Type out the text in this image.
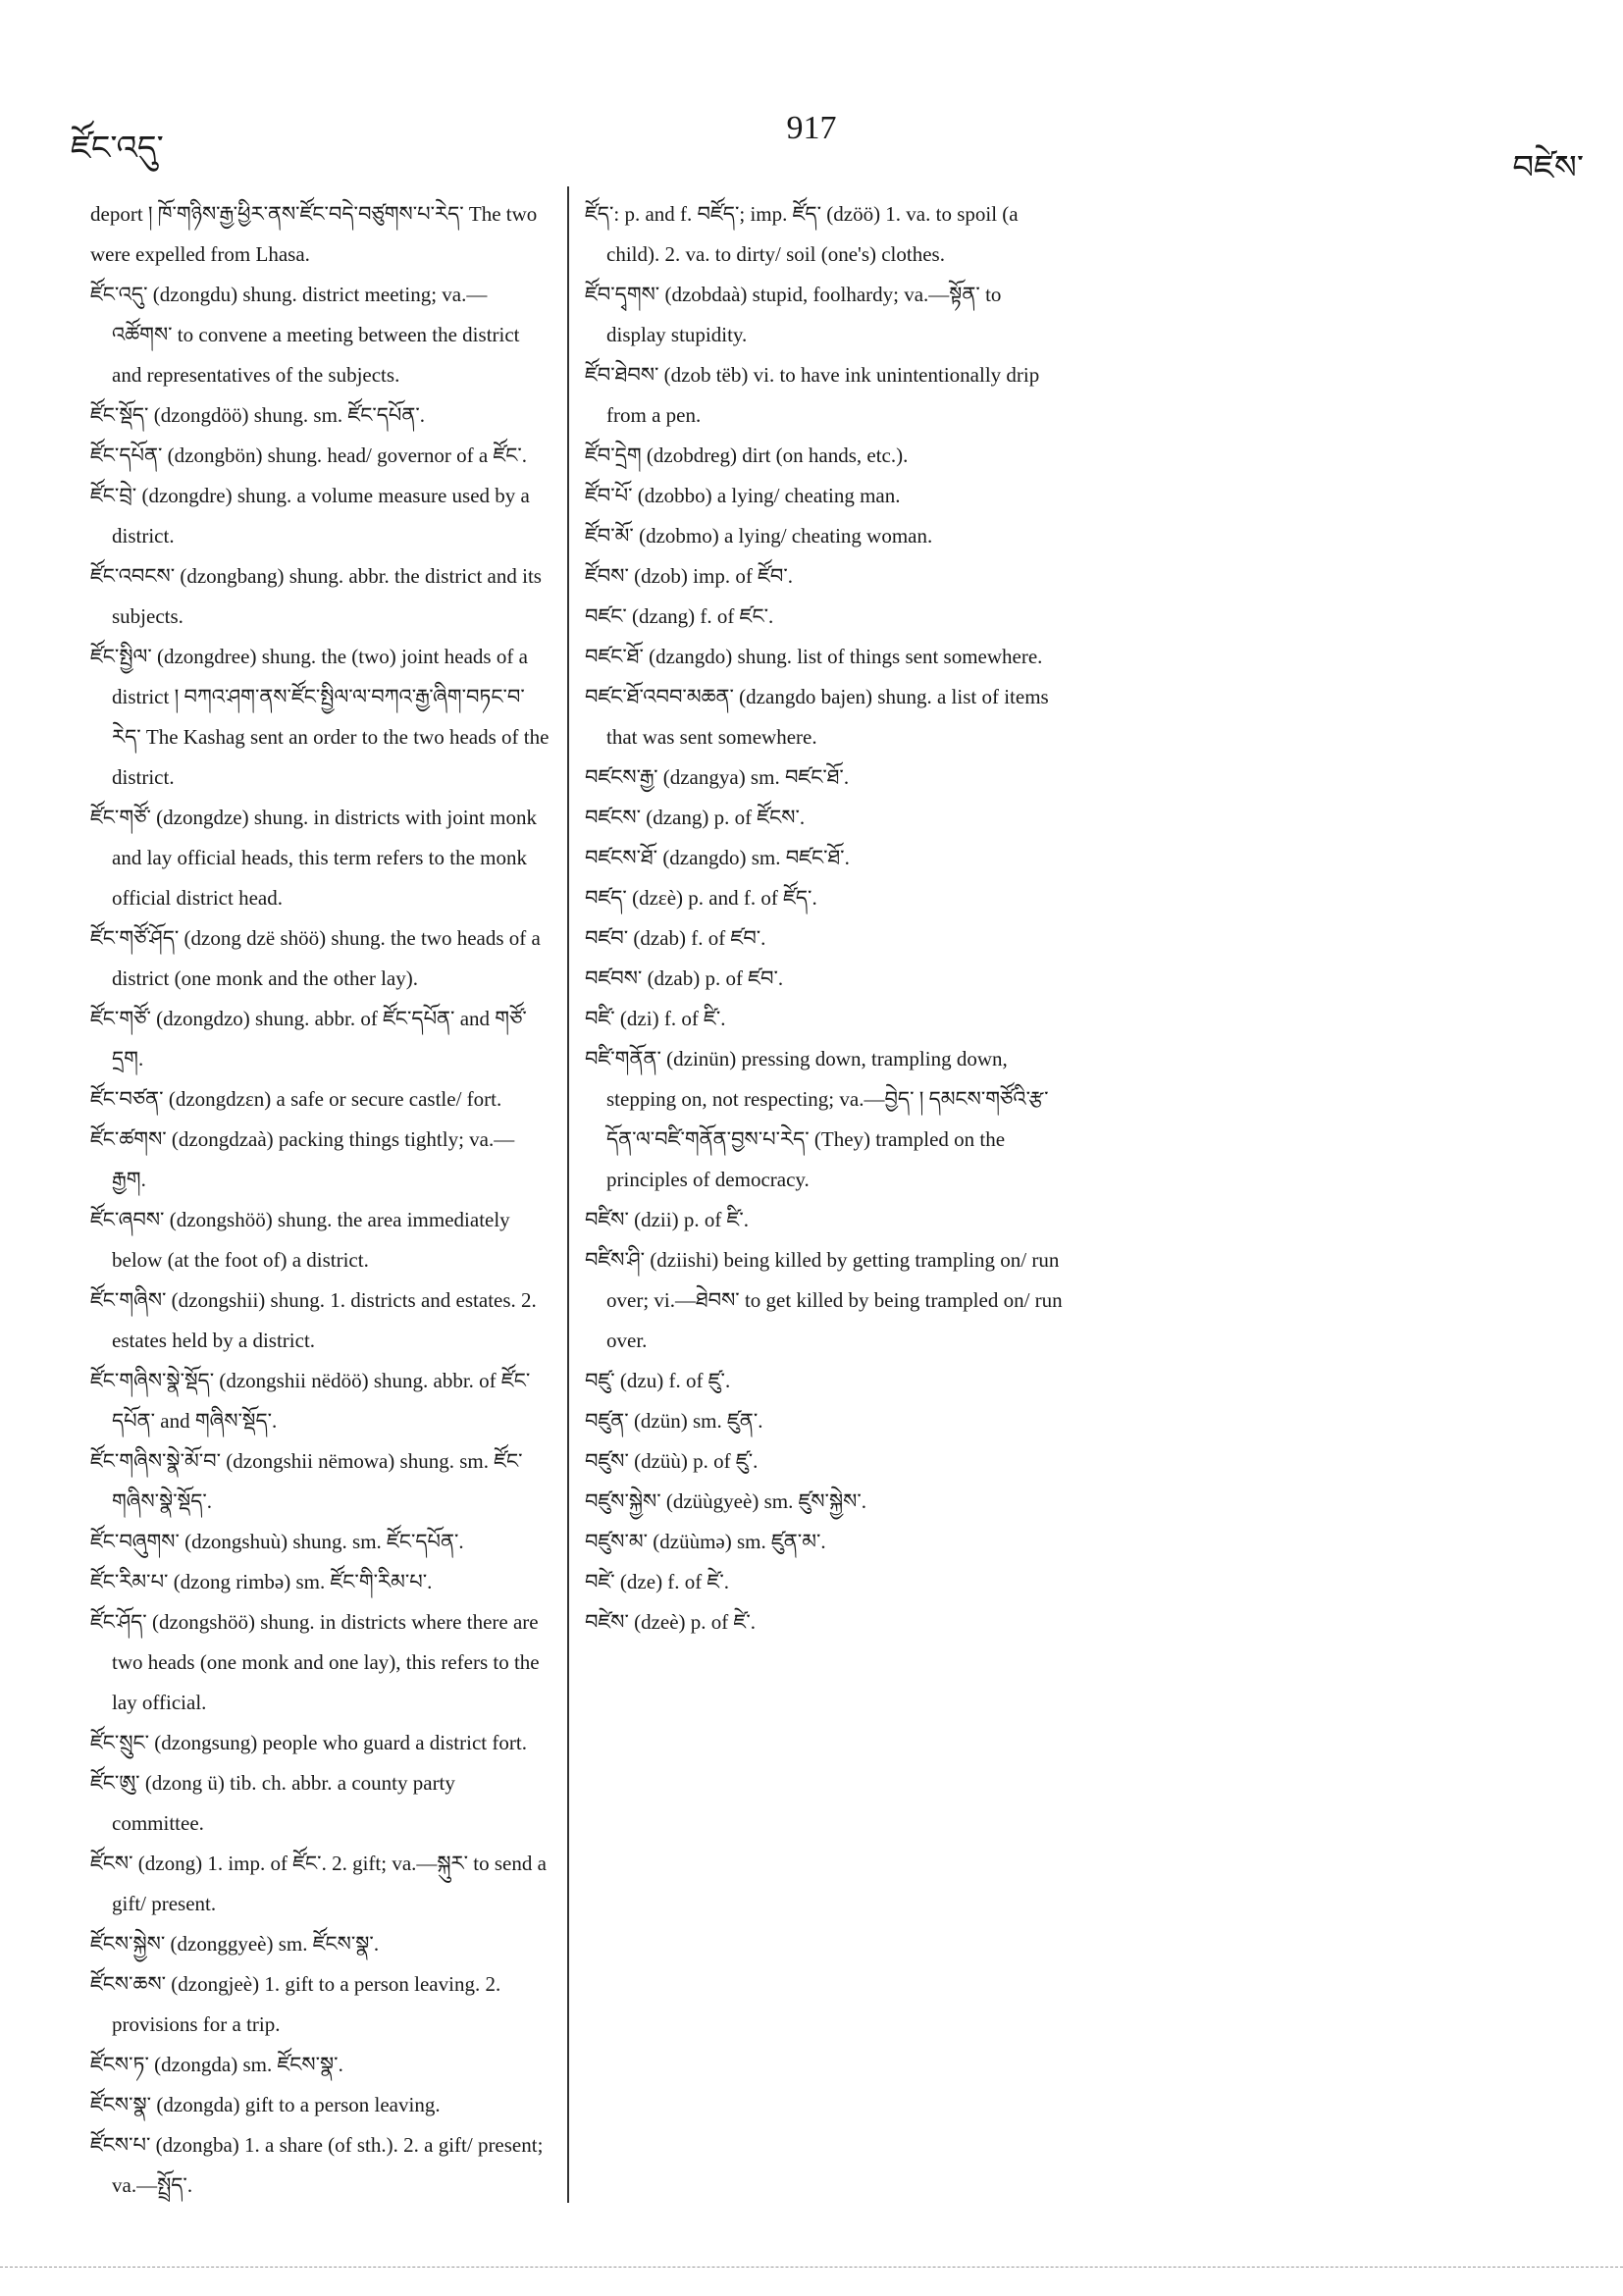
ཛོང་འདུ་
917
བཛེས་
deport ། ཁོ་གཉིས་རྒྱ་ཕྱིར་ནས་ཛོང་བདེ་བཙུགས་པ་རེད་ The two were expelled from Lhasa.
ཛོང་འདུ་ (dzongdu) shung. district meeting; va.— འཚོགས་ to convene a meeting between the district and representatives of the subjects.
ཛོང་སྡོད་ (dzongdöö) shung. sm. ཛོང་དཔོན་.
ཛོང་དཔོན་ (dzongbön) shung. head/ governor of a ཛོང་.
ཛོང་བྲེ་ (dzongdre) shung. a volume measure used by a district.
ཛོང་འབངས་ (dzongbang) shung. abbr. the district and its subjects.
ཛོང་སྤྱིལ་ (dzongdree) shung. the (two) joint heads of a district ། བཀའ་ཤག་ནས་ཛོང་སྤྱིལ་ལ་བཀའ་རྒྱ་ཞིག་བཏང་བ་རེད་ The Kashag sent an order to the two heads of the district.
ཛོང་གཙོ་ (dzongdze) shung. in districts with joint monk and lay official heads, this term refers to the monk official district head.
ཛོང་གཙོ་ཤོད་ (dzong dzë shöö) shung. the two heads of a district (one monk and the other lay).
ཛོང་གཙོ་ (dzongdzo) shung. abbr. of ཛོང་དཔོན་ and གཙོ་དྲག.
ཛོང་བཙན་ (dzongdzɛn) a safe or secure castle/ fort.
ཛོང་ཚགས་ (dzongdzaà) packing things tightly; va.— རྒྱག.
ཛོང་ཞབས་ (dzongshöö) shung. the area immediately below (at the foot of) a district.
ཛོང་གཞིས་ (dzongshii) shung. 1. districts and estates. 2. estates held by a district.
ཛོང་གཞིས་སྣེ་སྡོད་ (dzongshii nëdöö) shung. abbr. of ཛོང་དཔོན་ and གཞིས་སྡོད་.
ཛོང་གཞིས་སྣེ་མོ་བ་ (dzongshii nëmowa) shung. sm. ཛོང་གཞིས་སྣེ་སྡོད་.
ཛོང་བཞུགས་ (dzongshuù) shung. sm. ཛོང་དཔོན་.
ཛོང་རིམ་པ་ (dzong rimbə) sm. ཛོང་གི་རིམ་པ་.
ཛོང་ཤོད་ (dzongshöö) shung. in districts where there are two heads (one monk and one lay), this refers to the lay official.
ཛོང་སྲུང་ (dzongsung) people who guard a district fort.
ཛོང་ཨུ་ (dzong ü) tib. ch. abbr. a county party committee.
ཛོངས་ (dzong) 1. imp. of ཛོང་. 2. gift; va.—སྐུར་ to send a gift/ present.
ཛོངས་སྐྱེས་ (dzonggyeè) sm. ཛོངས་སྣ་.
ཛོངས་ཆས་ (dzongjeè) 1. gift to a person leaving. 2. provisions for a trip.
ཛོངས་ཏ་ (dzongda) sm. ཛོངས་སྣ་.
ཛོངས་སྣ་ (dzongda) gift to a person leaving.
ཛོངས་པ་ (dzongba) 1. a share (of sth.). 2. a gift/ present; va.—སྤྲོད་.
ཛོད་: p. and f. བཛོད་; imp. ཛོད་ (dzöö) 1. va. to spoil (a child). 2. va. to dirty/ soil (one's) clothes.
ཛོབ་དྭགས་ (dzobdaà) stupid, foolhardy; va.—སྟོན་ to display stupidity.
ཛོབ་ཐེབས་ (dzob tëb) vi. to have ink unintentionally drip from a pen.
ཛོབ་དྲེག (dzobdreg) dirt (on hands, etc.).
ཛོབ་པོ་ (dzobbo) a lying/ cheating man.
ཛོབ་མོ་ (dzobmo) a lying/ cheating woman.
ཛོབས་ (dzob) imp. of ཛོབ་.
བཛང་ (dzang) f. of ཛང་.
བཛང་ཐོ་ (dzangdo) shung. list of things sent somewhere.
བཛང་ཐོ་འབབ་མཆན་ (dzangdo bajen) shung. a list of items that was sent somewhere.
བཛངས་རྒྱ་ (dzangya) sm. བཛང་ཐོ་.
བཛངས་ (dzang) p. of ཛོངས་.
བཛངས་ཐོ་ (dzangdo) sm. བཛང་ཐོ་.
བཛད་ (dzɛè) p. and f. of ཛོད་.
བཛབ་ (dzab) f. of ཛབ་.
བཛབས་ (dzab) p. of ཛབ་.
བཛི་ (dzi) f. of ཛི་.
བཛི་གནོན་ (dzinün) pressing down, trampling down, stepping on, not respecting; va.—བྱེད་ ། དམངས་གཙོའི་རྩ་དོན་ལ་བཛི་གནོན་བྱས་པ་རེད་ (They) trampled on the principles of democracy.
བཛིས་ (dzii) p. of ཛི་.
བཛིས་ཤི་ (dziishi) being killed by getting trampling on/ run over; vi.—ཐེབས་ to get killed by being trampled on/ run over.
བཛུ་ (dzu) f. of ཛུ་.
བཛུན་ (dzün) sm. ཛུན་.
བཛུས་ (dzüù) p. of ཛུ་.
བཛུས་སྐྱེས་ (dzüùgyeè) sm. ཛུས་སྐྱེས་.
བཛུས་མ་ (dzüùmə) sm. ཛུན་མ་.
བཛེ་ (dze) f. of ཛེ་.
བཛེས་ (dzeè) p. of ཛེ་.
